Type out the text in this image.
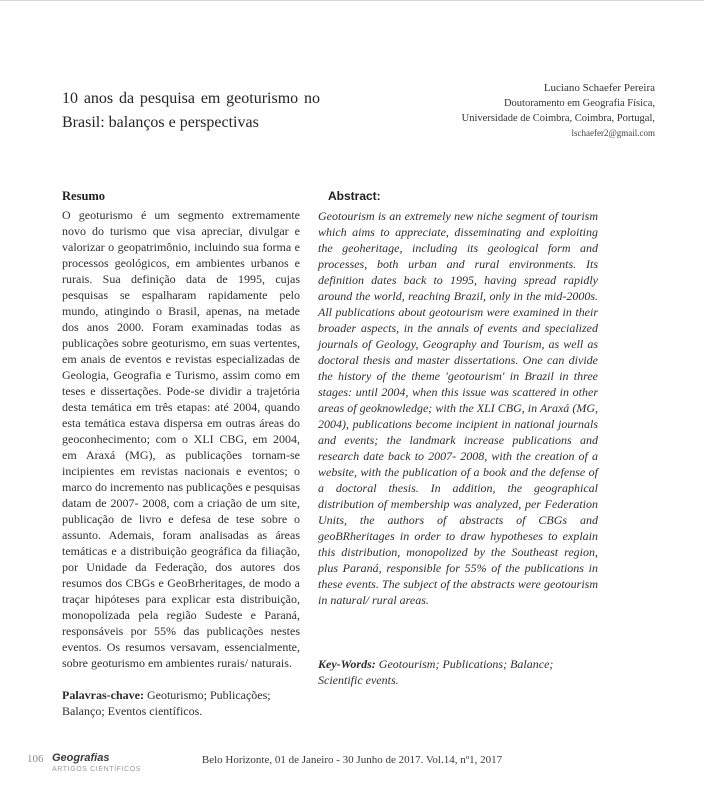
10 anos da pesquisa em geoturismo no
Brasil: balanços e perspectivas
Luciano Schaefer Pereira
Doutoramento em Geografia Física,
Universidade de Coimbra, Coimbra, Portugal,
lschaefer2@gmail.com
Resumo

O geoturismo é um segmento extremamente novo do turismo que visa apreciar, divulgar e valorizar o geopatrimônio, incluindo sua forma e processos geológicos, em ambientes urbanos e rurais. Sua definição data de 1995, cujas pesquisas se espalharam rapidamente pelo mundo, atingindo o Brasil, apenas, na metade dos anos 2000. Foram examinadas todas as publicações sobre geoturismo, em suas vertentes, em anais de eventos e revistas especializadas de Geologia, Geografia e Turismo, assim como em teses e dissertações. Pode-se dividir a trajetória desta temática em três etapas: até 2004, quando esta temática estava dispersa em outras áreas do geoconhecimento; com o XLI CBG, em 2004, em Araxá (MG), as publicações tornam-se incipientes em revistas nacionais e eventos; o marco do incremento nas publicações e pesquisas datam de 2007- 2008, com a criação de um site, publicação de livro e defesa de tese sobre o assunto. Ademais, foram analisadas as áreas temáticas e a distribuição geográfica da filiação, por Unidade da Federação, dos autores dos resumos dos CBGs e GeoBrheritages, de modo a traçar hipóteses para explicar esta distribuição, monopolizada pela região Sudeste e Paraná, responsáveis por 55% das publicações nestes eventos. Os resumos versavam, essencialmente, sobre geoturismo em ambientes rurais/ naturais.

Palavras-chave: Geoturismo; Publicações; Balanço; Eventos científicos.

Abstract:

Geotourism is an extremely new niche segment of tourism which aims to appreciate, disseminating and exploiting the geoheritage, including its geological form and processes, both urban and rural environments. Its definition dates back to 1995, having spread rapidly around the world, reaching Brazil, only in the mid-2000s. All publications about geotourism were examined in their broader aspects, in the annals of events and specialized journals of Geology, Geography and Tourism, as well as doctoral thesis and master dissertations. One can divide the history of the theme 'geotourism' in Brazil in three stages: until 2004, when this issue was scattered in other areas of geoknowledge; with the XLI CBG, in Araxá (MG, 2004), publications become incipient in national journals and events; the landmark increase publications and research date back to 2007- 2008, with the creation of a website, with the publication of a book and the defense of a doctoral thesis. In addition, the geographical distribution of membership was analyzed, per Federation Units, the authors of abstracts of CBGs and geoBRheritages in order to draw hypotheses to explain this distribution, monopolized by the Southeast region, plus Paraná, responsible for 55% of the publications in these events. The subject of the abstracts were geotourism in natural/ rural areas.

Key-Words: Geotourism; Publications; Balance; Scientific events.

106 Geografias
ARTIGOS CIENTÍFICOS
Belo Horizonte, 01 de Janeiro - 30 Junho de 2017. Vol.14, nº1, 2017
